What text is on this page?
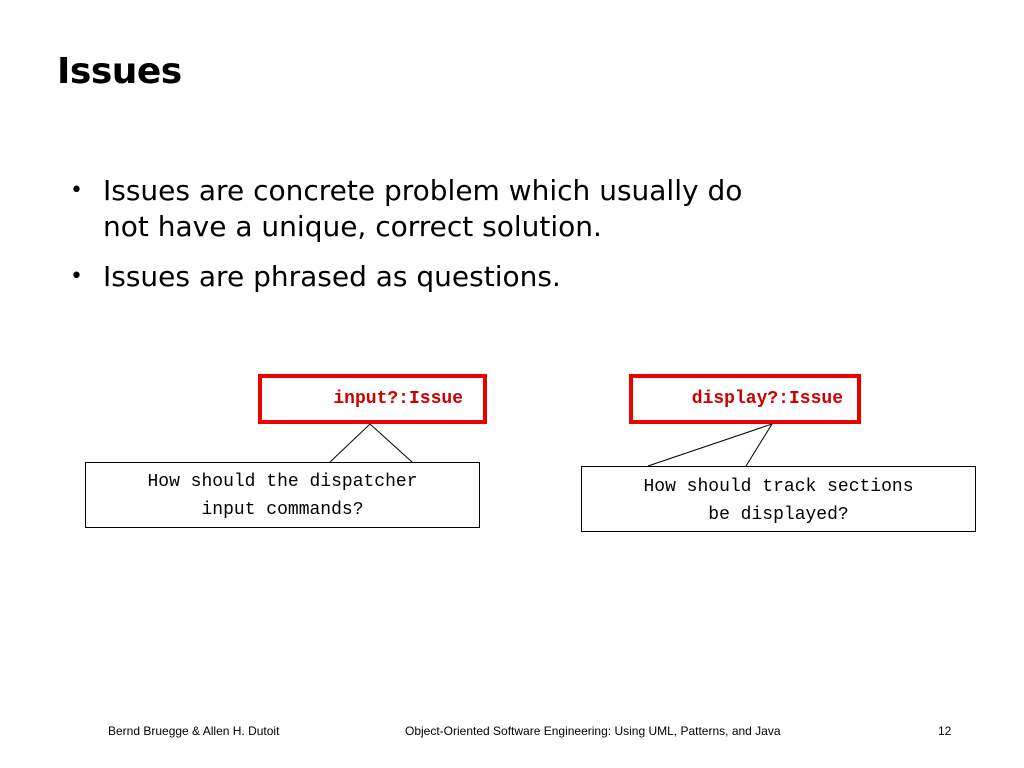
Issues
• Issues are concrete problem which usually do
not have a unique, correct solution.
• Issues are phrased as questions.
input?:Issue	display?:Issue
How should the dispatcher
input commands?
How should track sections
be displayed?
Bernd Bruegge & Allen H. Dutoit	Object-Oriented Software Engineering: Using UML, Patterns, and Java	12
